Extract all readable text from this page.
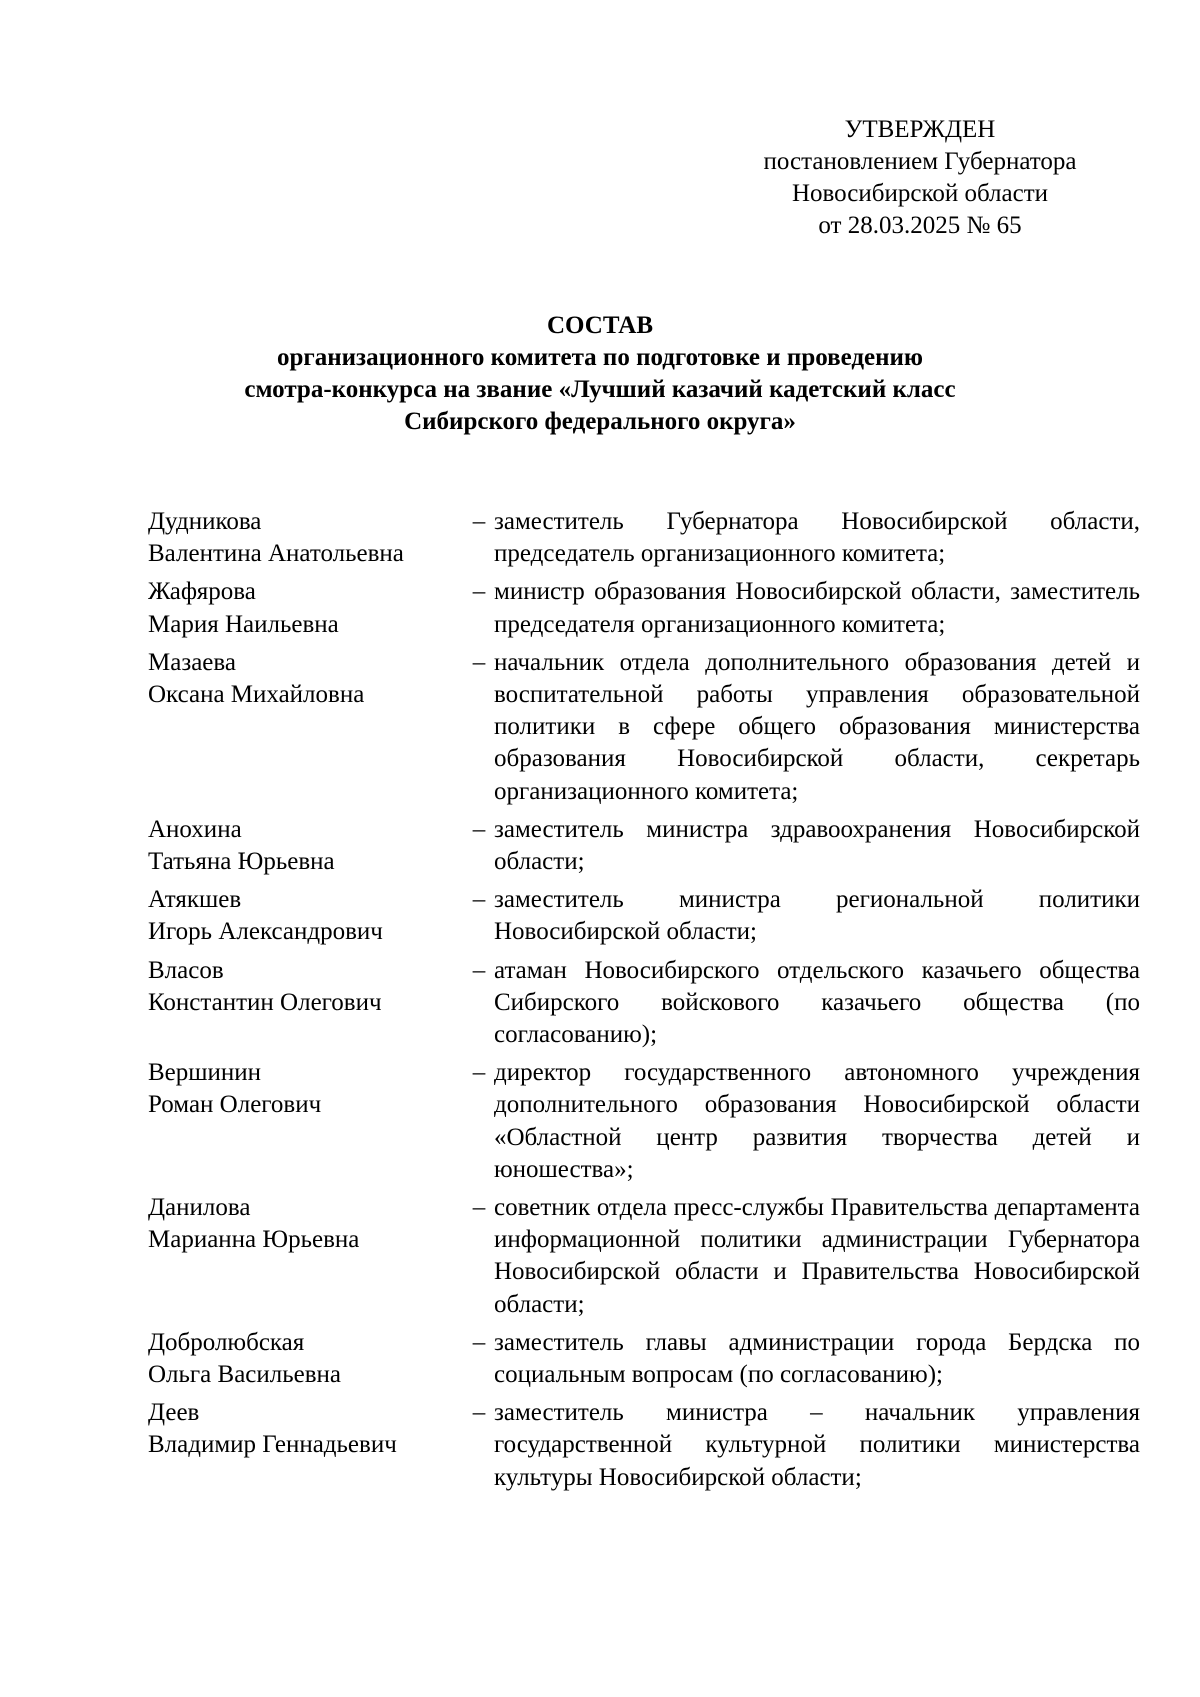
УТВЕРЖДЕН
постановлением Губернатора
Новосибирской области
от 28.03.2025 № 65
СОСТАВ
организационного комитета по подготовке и проведению
смотра-конкурса на звание «Лучший казачий кадетский класс
Сибирского федерального округа»
Дудникова
Валентина Анатольевна
– заместитель Губернатора Новосибирской области, председатель организационного комитета;
Жафярова
Мария Наильевна
– министр образования Новосибирской области, заместитель председателя организационного комитета;
Мазаева
Оксана Михайловна
– начальник отдела дополнительного образования детей и воспитательной работы управления образовательной политики в сфере общего образования министерства образования Новосибирской области, секретарь организационного комитета;
Анохина
Татьяна Юрьевна
– заместитель министра здравоохранения Новосибирской области;
Атякшев
Игорь Александрович
– заместитель министра региональной политики Новосибирской области;
Власов
Константин Олегович
– атаман Новосибирского отдельского казачьего общества Сибирского войскового казачьего общества (по согласованию);
Вершинин
Роман Олегович
– директор государственного автономного учреждения дополнительного образования Новосибирской области «Областной центр развития творчества детей и юношества»;
Данилова
Марианна Юрьевна
– советник отдела пресс-службы Правительства департамента информационной политики администрации Губернатора Новосибирской области и Правительства Новосибирской области;
Добролюбская
Ольга Васильевна
– заместитель главы администрации города Бердска по социальным вопросам (по согласованию);
Деев
Владимир Геннадьевич
– заместитель министра – начальник управления государственной культурной политики министерства культуры Новосибирской области;
